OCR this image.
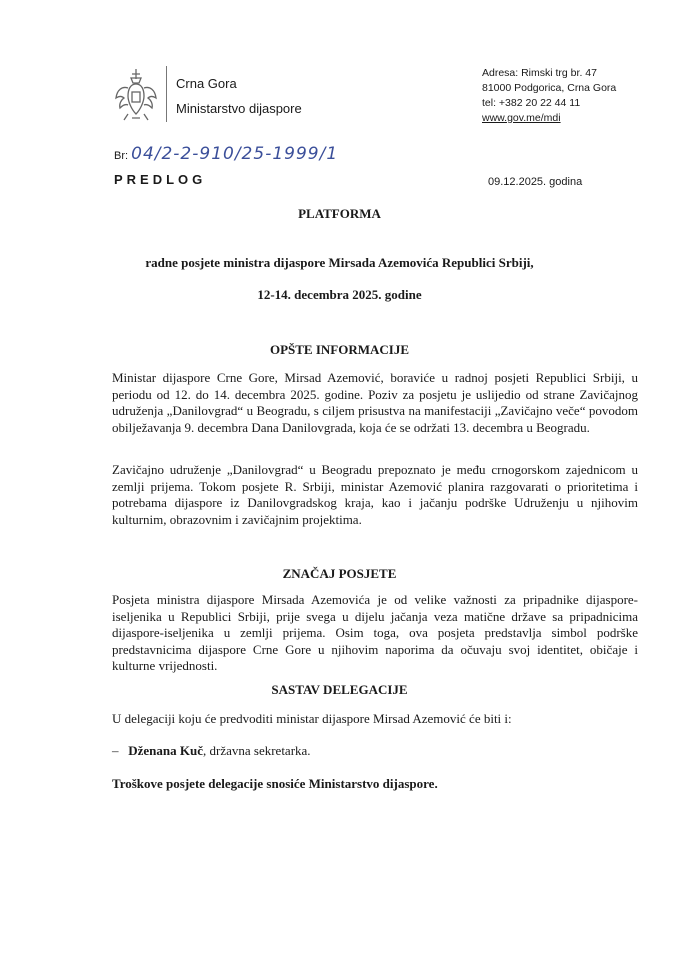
Crna Gora
Ministarstvo dijaspore
Adresa: Rimski trg br. 47
81000 Podgorica, Crna Gora
tel: +382 20 22 44 11
www.gov.me/mdi
Br: 04/2-2-910/25-1999/1
PREDLOG	09.12.2025. godina
PLATFORMA
radne posjete ministra dijaspore Mirsada Azemovića Republici Srbiji,
12-14. decembra 2025. godine
OPŠTE INFORMACIJE
Ministar dijaspore Crne Gore, Mirsad Azemović, boraviće u radnoj posjeti Republici Srbiji, u periodu od 12. do 14. decembra 2025. godine. Poziv za posjetu je uslijedio od strane Zavičajnog udruženja „Danilovgrad“ u Beogradu, s ciljem prisustva na manifestaciji „Zavičajno veče“ povodom obilježavanja 9. decembra Dana Danilovgrada, koja će se održati 13. decembra u Beogradu.
Zavičajno udruženje „Danilovgrad“ u Beogradu prepoznato je među crnogorskom zajednicom u zemlji prijema. Tokom posjete R. Srbiji, ministar Azemović planira razgovarati o prioritetima i potrebama dijaspore iz Danilovgradskog kraja, kao i jačanju podrške Udruženju u njihovim kulturnim, obrazovnim i zavičajnim projektima.
ZNAČAJ POSJETE
Posjeta ministra dijaspore Mirsada Azemovića je od velike važnosti za pripadnike dijaspore-iseljenika u Republici Srbiji, prije svega u dijelu jačanja veza matične države sa pripadnicima dijaspore-iseljenika u zemlji prijema. Osim toga, ova posjeta predstavlja simbol podrške predstavnicima dijaspore Crne Gore u njihovim naporima da očuvaju svoj identitet, običaje i kulturne vrijednosti.
SASTAV DELEGACIJE
U delegaciji koju će predvoditi ministar dijaspore Mirsad Azemović će biti i:
–   Dženana Kuč, državna sekretarka.
Troškove posjete delegacije snosiće Ministarstvo dijaspore.
